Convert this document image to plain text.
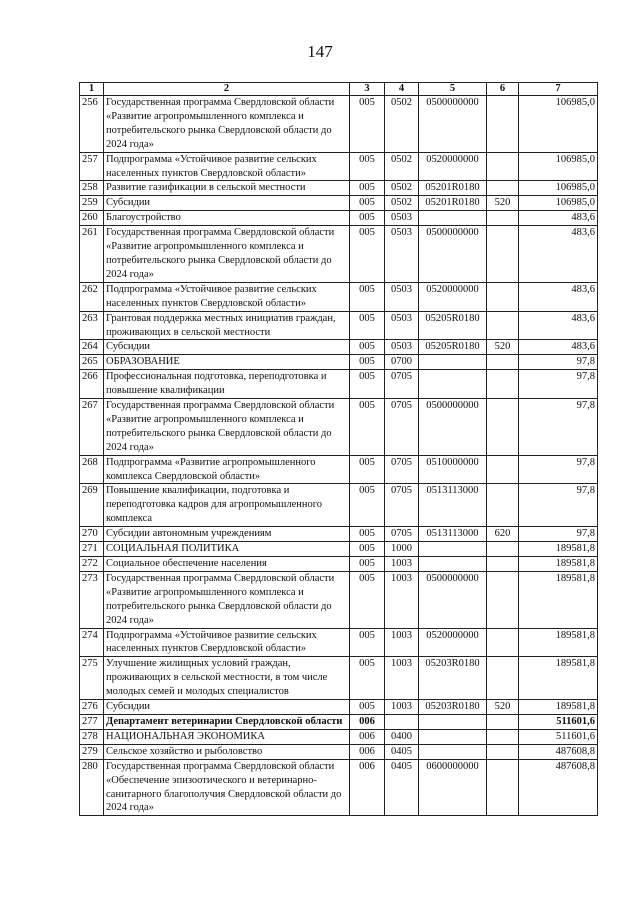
147
1	2	3	4	5	6	7
256	Государственная программа Свердловской области «Развитие агропромышленного комплекса и потребительского рынка Свердловской области до 2024 года»	005	0502	0500000000		106985,0
257	Подпрограмма «Устойчивое развитие сельских населенных пунктов Свердловской области»	005	0502	0520000000		106985,0
258	Развитие газификации в сельской местности	005	0502	05201R0180		106985,0
259	Субсидии	005	0502	05201R0180	520	106985,0
260	Благоустройство	005	0503			483,6
261	Государственная программа Свердловской области «Развитие агропромышленного комплекса и потребительского рынка Свердловской области до 2024 года»	005	0503	0500000000		483,6
262	Подпрограмма «Устойчивое развитие сельских населенных пунктов Свердловской области»	005	0503	0520000000		483,6
263	Грантовая поддержка местных инициатив граждан, проживающих в сельской местности	005	0503	05205R0180		483,6
264	Субсидии	005	0503	05205R0180	520	483,6
265	ОБРАЗОВАНИЕ	005	0700			97,8
266	Профессиональная подготовка, переподготовка и повышение квалификации	005	0705			97,8
267	Государственная программа Свердловской области «Развитие агропромышленного комплекса и потребительского рынка Свердловской области до 2024 года»	005	0705	0500000000		97,8
268	Подпрограмма «Развитие агропромышленного комплекса Свердловской области»	005	0705	0510000000		97,8
269	Повышение квалификации, подготовка и переподготовка кадров для агропромышленного комплекса	005	0705	0513113000		97,8
270	Субсидии автономным учреждениям	005	0705	0513113000	620	97,8
271	СОЦИАЛЬНАЯ ПОЛИТИКА	005	1000			189581,8
272	Социальное обеспечение населения	005	1003			189581,8
273	Государственная программа Свердловской области «Развитие агропромышленного комплекса и потребительского рынка Свердловской области до 2024 года»	005	1003	0500000000		189581,8
274	Подпрограмма «Устойчивое развитие сельских населенных пунктов Свердловской области»	005	1003	0520000000		189581,8
275	Улучшение жилищных условий граждан, проживающих в сельской местности, в том числе молодых семей и молодых специалистов	005	1003	05203R0180		189581,8
276	Субсидии	005	1003	05203R0180	520	189581,8
277	Департамент ветеринарии Свердловской области	006				511601,6
278	НАЦИОНАЛЬНАЯ ЭКОНОМИКА	006	0400			511601,6
279	Сельское хозяйство и рыболовство	006	0405			487608,8
280	Государственная программа Свердловской области «Обеспечение эпизоотического и ветеринарно-санитарного благополучия Свердловской области до 2024 года»	006	0405	0600000000		487608,8
